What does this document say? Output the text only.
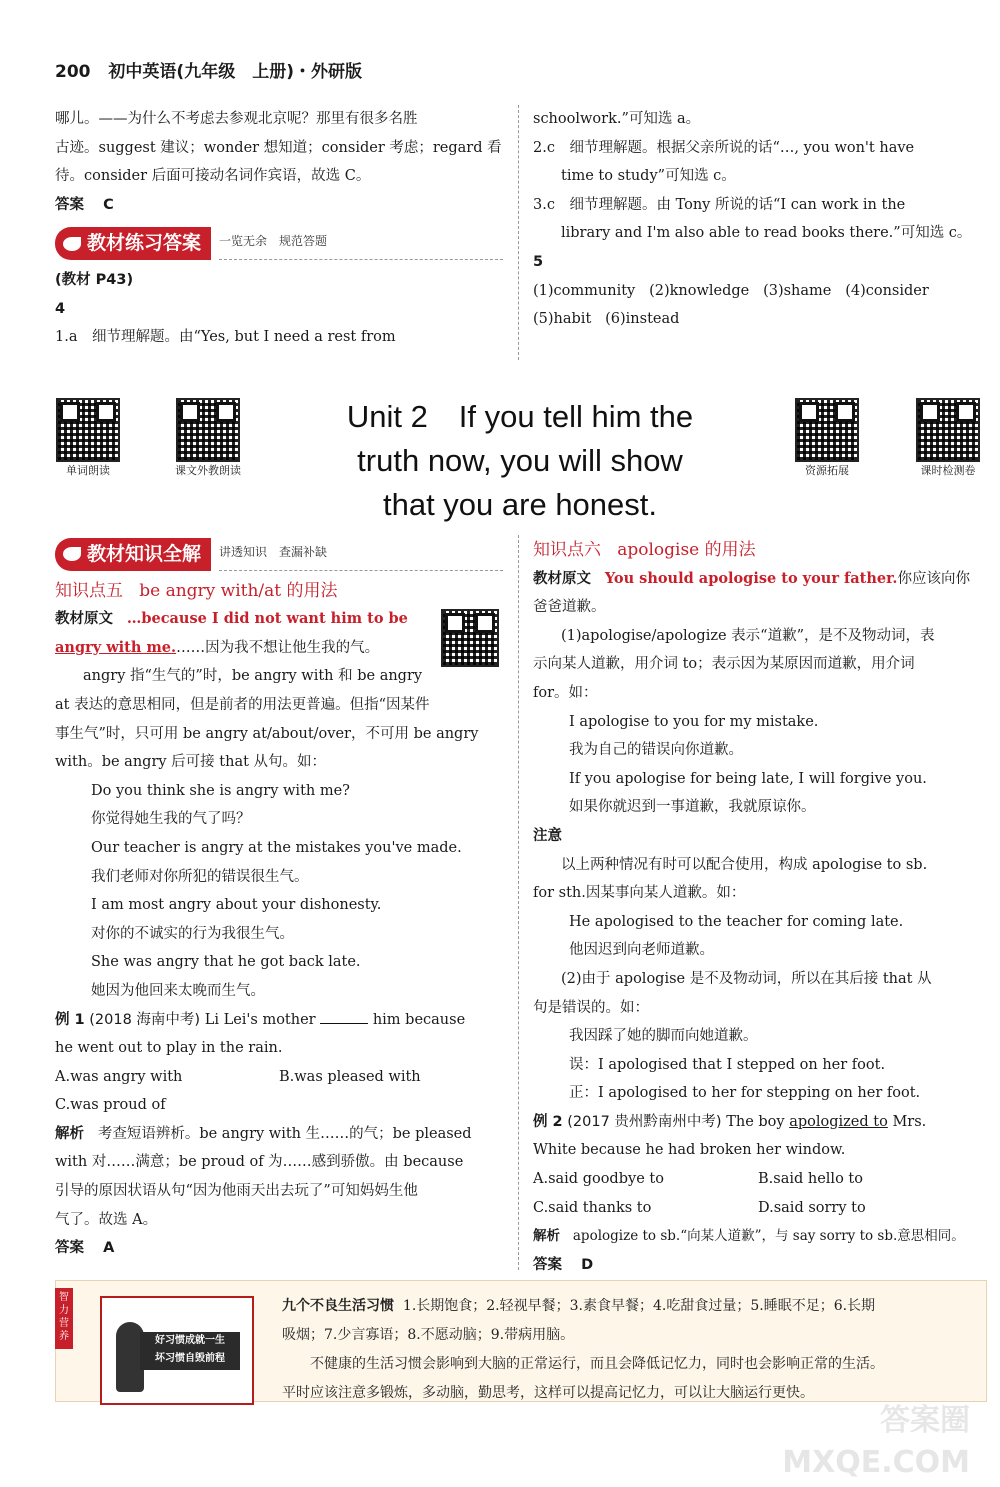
200 初中英语(九年级　上册)・外研版

哪儿。——为什么不考虑去参观北京呢？那里有很多名胜

古迹。suggest 建议；wonder 想知道；consider 考虑；regard 看

待。consider 后面可接动名词作宾语，故选 C。

答案 C

教材练习答案 一览无余　规范答题

(教材 P43)

4

1.a　细节理解题。由“Yes, but I need a rest from

schoolwork.”可知选 a。

2.c　细节理解题。根据父亲所说的话“…, you won't have

time to study”可知选 c。

3.c　细节理解题。由 Tony 所说的话“I can work in the

library and I'm also able to read books there.”可知选 c。

5

(1)community (2)knowledge (3)shame (4)consider

(5)habit (6)instead

单词朗读	课文外教朗读	资源拓展	课时检测卷
Unit 2　If you tell him the
truth now, you will show
that you are honest.
教材知识全解 讲透知识　查漏补缺

知识点五 be angry with/at 的用法

教材原文 …because I did not want him to be

angry with me.……因为我不想让他生我的气。

angry 指“生气的”时，be angry with 和 be angry

at 表达的意思相同，但是前者的用法更普遍。但指“因某件

事生气”时，只可用 be angry at/about/over，不可用 be angry

with。be angry 后可接 that 从句。如：

Do you think she is angry with me?

你觉得她生我的气了吗？

Our teacher is angry at the mistakes you've made.

我们老师对你所犯的错误很生气。

I am most angry about your dishonesty.

对你的不诚实的行为我很生气。

She was angry that he got back late.

她因为他回来太晚而生气。

例 1 (2018 海南中考) Li Lei's mother	him because

he went out to play in the rain.

A.was angry with	B.was pleased with

C.was proud of

解析 考查短语辨析。be angry with 生……的气；be pleased

with 对……满意；be proud of 为……感到骄傲。由 because

引导的原因状语从句“因为他雨天出去玩了”可知妈妈生他

气了。故选 A。

答案 A

知识点六 apologise 的用法

教材原文 You should apologise to your father.你应该向你

爸爸道歉。

(1)apologise/apologize 表示“道歉”，是不及物动词，表

示向某人道歉，用介词 to；表示因为某原因而道歉，用介词

for。如：

I apologise to you for my mistake.

我为自己的错误向你道歉。

If you apologise for being late, I will forgive you.

如果你就迟到一事道歉，我就原谅你。

注意

以上两种情况有时可以配合使用，构成 apologise to sb.

for sth.因某事向某人道歉。如：

He apologised to the teacher for coming late.

他因迟到向老师道歉。

(2)由于 apologise 是不及物动词，所以在其后接 that 从

句是错误的。如：

我因踩了她的脚而向她道歉。

误：I apologised that I stepped on her foot.

正：I apologised to her for stepping on her foot.

例 2 (2017 贵州黔南州中考) The boy apologized to Mrs.

White because he had broken her window.

A.said goodbye to	B.said hello to

C.said thanks to	D.said sorry to

解析 apologize to sb.“向某人道歉”，与 say sorry to sb.意思相同。

答案 D

智力营养	好习惯成就一生
坏习惯自毁前程
九个不良生活习惯 1.长期饱食；2.轻视早餐；3.素食早餐；4.吃甜食过量；5.睡眠不足；6.长期
吸烟；7.少言寡语；8.不愿动脑；9.带病用脑。
不健康的生活习惯会影响到大脑的正常运行，而且会降低记忆力，同时也会影响正常的生活。
平时应该注意多锻炼，多动脑，勤思考，这样可以提高记忆力，可以让大脑运行更快。
答案圈
MXQE.COM
